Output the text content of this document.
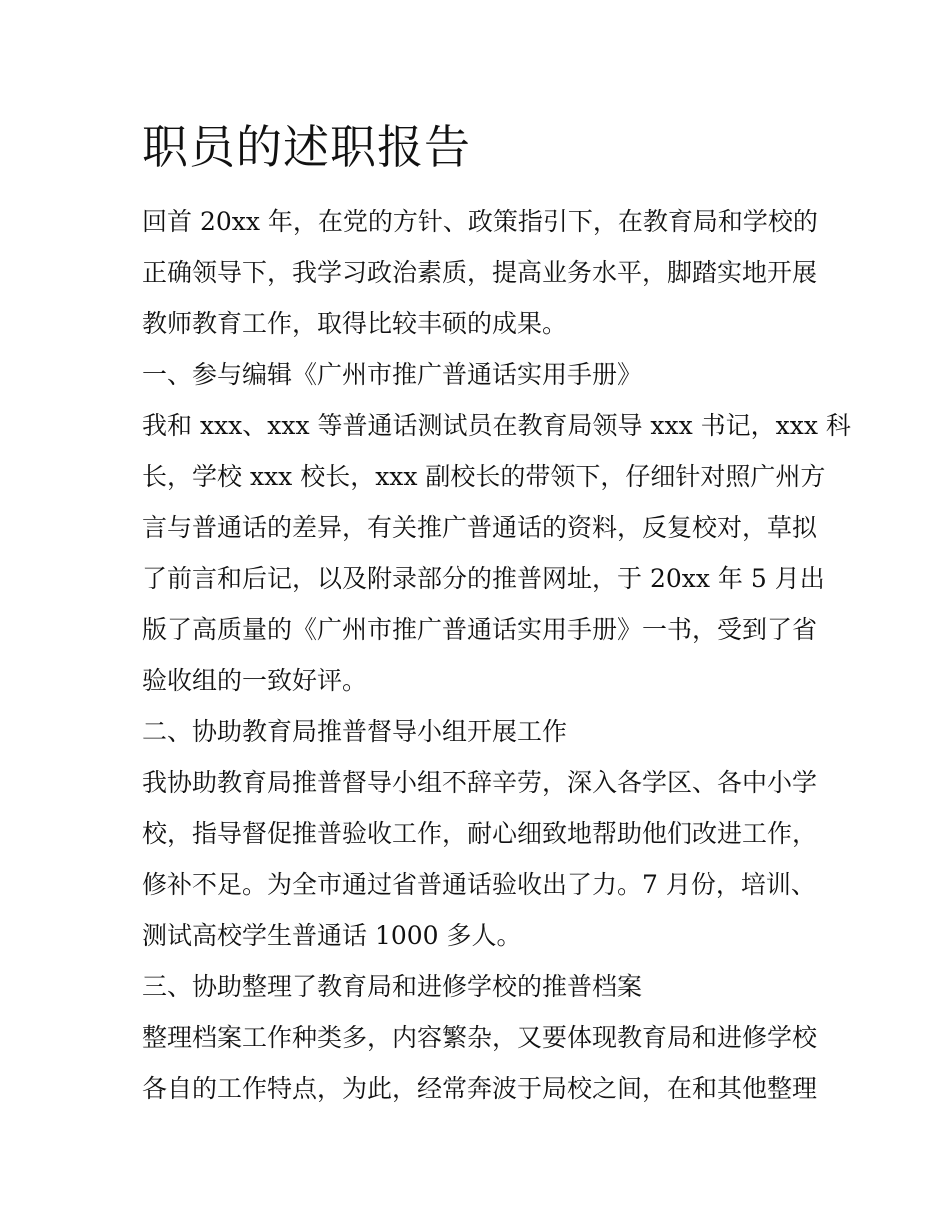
职员的述职报告
回首 20xx 年，在党的方针、政策指引下，在教育局和学校的
正确领导下，我学习政治素质，提高业务水平，脚踏实地开展
教师教育工作，取得比较丰硕的成果。
一、参与编辑《广州市推广普通话实用手册》
我和 xxx、xxx 等普通话测试员在教育局领导 xxx 书记，xxx 科
长，学校 xxx 校长，xxx 副校长的带领下，仔细针对照广州方
言与普通话的差异，有关推广普通话的资料，反复校对，草拟
了前言和后记，以及附录部分的推普网址，于 20xx 年 5 月出
版了高质量的《广州市推广普通话实用手册》一书，受到了省
验收组的一致好评。
二、协助教育局推普督导小组开展工作
我协助教育局推普督导小组不辞辛劳，深入各学区、各中小学
校，指导督促推普验收工作，耐心细致地帮助他们改进工作，
修补不足。为全市通过省普通话验收出了力。7 月份，培训、
测试高校学生普通话 1000 多人。
三、协助整理了教育局和进修学校的推普档案
整理档案工作种类多，内容繁杂，又要体现教育局和进修学校
各自的工作特点，为此，经常奔波于局校之间，在和其他整理
